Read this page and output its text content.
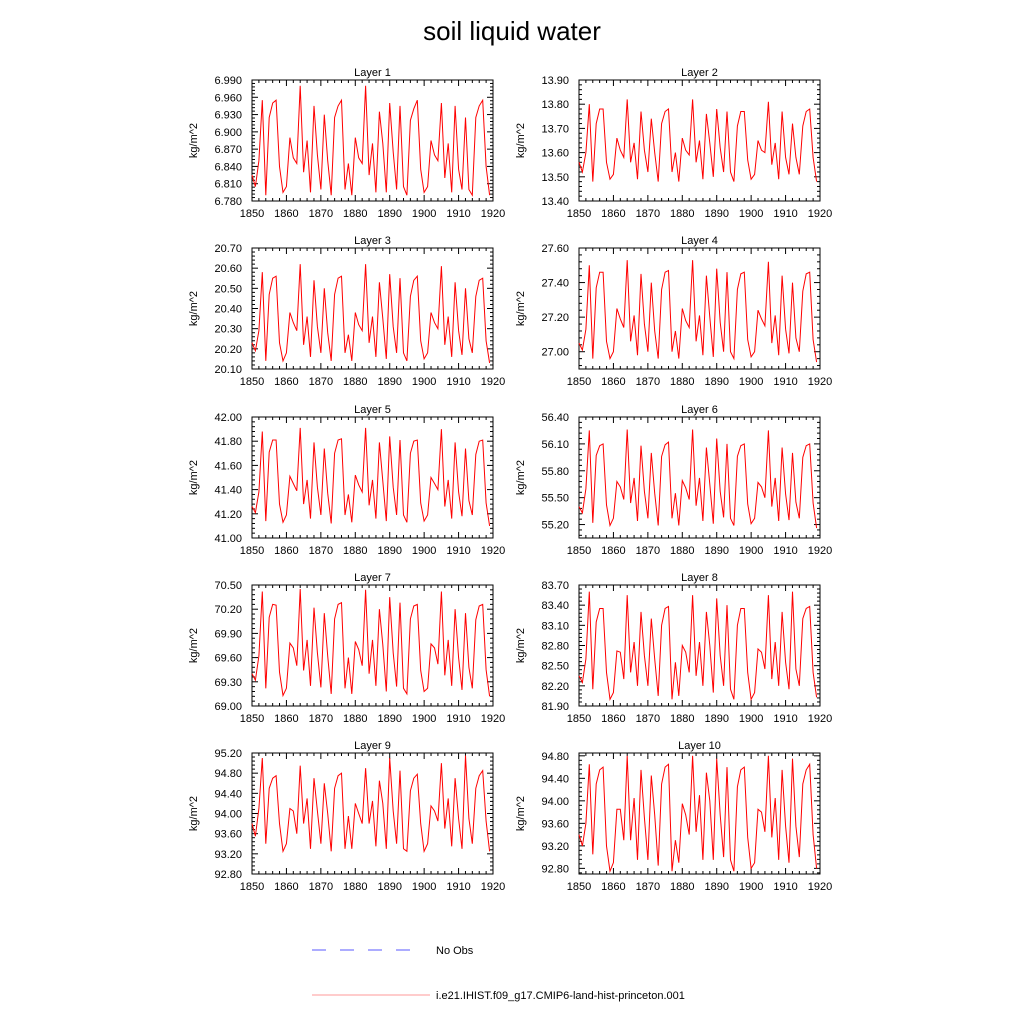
soil liquid water
Layer 1
kg/m^2
1850 1860 1870 1880 1890 1900 1910 1920
6.780
6.810
6.840
6.870
6.900
6.930
6.960
6.990
Layer 2
kg/m^2
1850 1860 1870 1880 1890 1900 1910 1920
13.40
13.50
13.60
13.70
13.80
13.90
Layer 3
kg/m^2
1850 1860 1870 1880 1890 1900 1910 1920
20.10
20.20
20.30
20.40
20.50
20.60
20.70
Layer 4
kg/m^2
1850 1860 1870 1880 1890 1900 1910 1920
27.00
27.20
27.40
27.60
Layer 5
kg/m^2
1850 1860 1870 1880 1890 1900 1910 1920
41.00
41.20
41.40
41.60
41.80
42.00
Layer 6
kg/m^2
1850 1860 1870 1880 1890 1900 1910 1920
55.20
55.50
55.80
56.10
56.40
Layer 7
kg/m^2
1850 1860 1870 1880 1890 1900 1910 1920
69.00
69.30
69.60
69.90
70.20
70.50
Layer 8
kg/m^2
1850 1860 1870 1880 1890 1900 1910 1920
81.90
82.20
82.50
82.80
83.10
83.40
83.70
Layer 9
kg/m^2
1850 1860 1870 1880 1890 1900 1910 1920
92.80
93.20
93.60
94.00
94.40
94.80
95.20
Layer 10
kg/m^2
1850 1860 1870 1880 1890 1900 1910 1920
92.80
93.20
93.60
94.00
94.40
94.80
No Obs
i.e21.IHIST.f09_g17.CMIP6-land-hist-princeton.001
